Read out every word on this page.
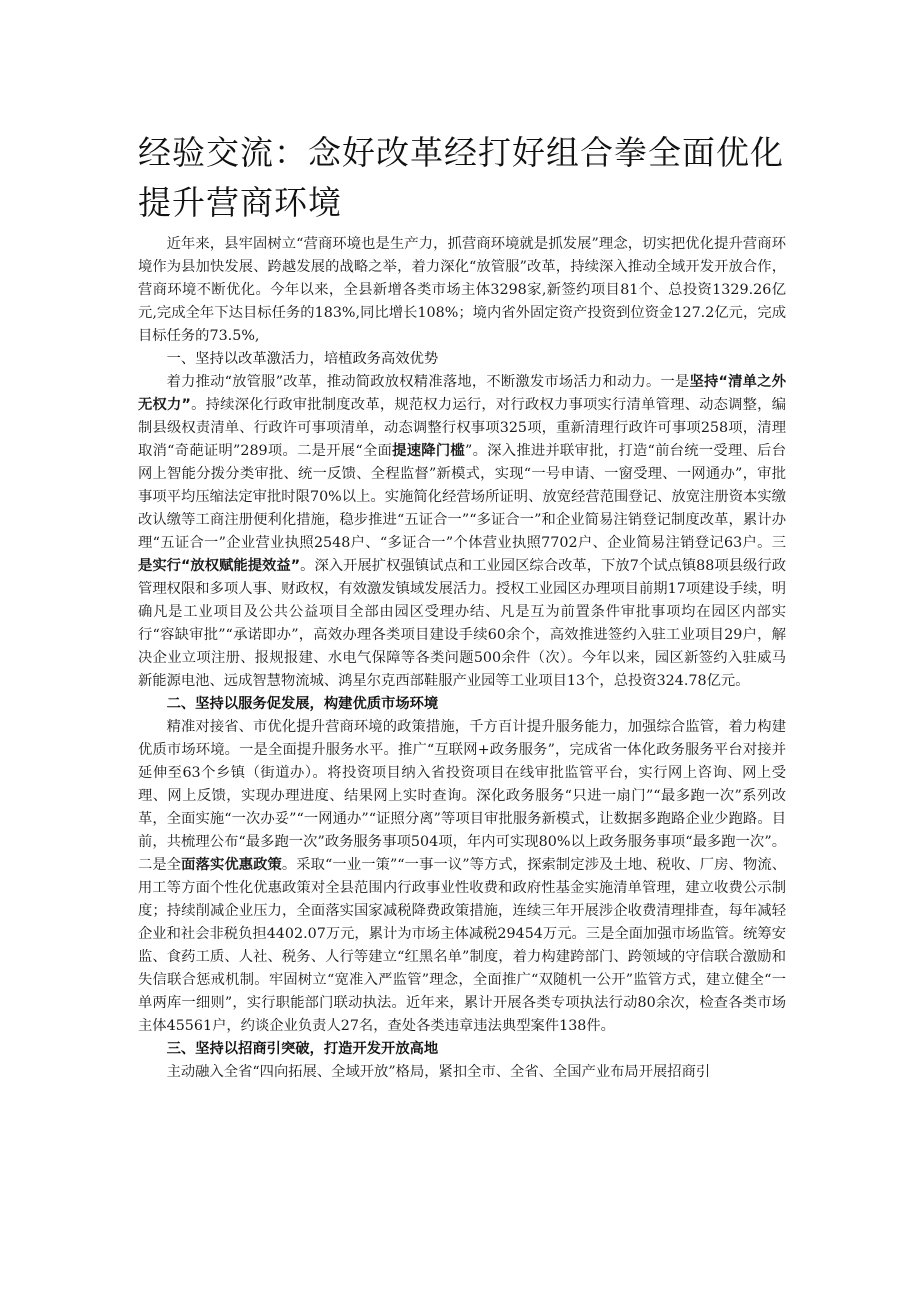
经验交流：念好改革经打好组合拳全面优化提升营商环境

近年来，县牢固树立“营商环境也是生产力，抓营商环境就是抓发展”理念，切实把优化提升营商环境作为县加快发展、跨越发展的战略之举，着力深化“放管服”改革，持续深入推动全域开发开放合作，营商环境不断优化。今年以来，全县新增各类市场主体3298家,新签约项目81个、总投资1329.26亿元,完成全年下达目标任务的183%,同比增长108%；境内省外固定资产投资到位资金127.2亿元，完成目标任务的73.5%,

一、坚持以改革激活力，培植政务高效优势

着力推动“放管服”改革，推动简政放权精准落地，不断激发市场活力和动力。一是坚持“清单之外无权力”。持续深化行政审批制度改革，规范权力运行，对行政权力事项实行清单管理、动态调整，编制县级权责清单、行政许可事项清单，动态调整行权事项325项，重新清理行政许可事项258项，清理取消“奇葩证明”289项。二是开展“全面提速降门槛”。深入推进并联审批，打造“前台统一受理、后台网上智能分拨分类审批、统一反馈、全程监督”新模式，实现“一号申请、一窗受理、一网通办”，审批事项平均压缩法定审批时限70%以上。实施简化经营场所证明、放宽经营范围登记、放宽注册资本实缴改认缴等工商注册便利化措施，稳步推进“五证合一”“多证合一”和企业简易注销登记制度改革，累计办理“五证合一”企业营业执照2548户、“多证合一”个体营业执照7702户、企业简易注销登记63户。三是实行“放权赋能提效益”。深入开展扩权强镇试点和工业园区综合改革，下放7个试点镇88项县级行政管理权限和多项人事、财政权，有效激发镇域发展活力。授权工业园区办理项目前期17项建设手续，明确凡是工业项目及公共公益项目全部由园区受理办结、凡是互为前置条件审批事项均在园区内部实行“容缺审批”“承诺即办”，高效办理各类项目建设手续60余个，高效推进签约入驻工业项目29户，解决企业立项注册、报规报建、水电气保障等各类问题500余件（次）。今年以来，园区新签约入驻威马新能源电池、远成智慧物流城、鸿星尔克西部鞋服产业园等工业项目13个，总投资324.78亿元。

二、坚持以服务促发展，构建优质市场环境

精准对接省、市优化提升营商环境的政策措施，千方百计提升服务能力，加强综合监管，着力构建优质市场环境。一是全面提升服务水平。推广“互联网+政务服务”，完成省一体化政务服务平台对接并延伸至63个乡镇（街道办）。将投资项目纳入省投资项目在线审批监管平台，实行网上咨询、网上受理、网上反馈，实现办理进度、结果网上实时查询。深化政务服务“只进一扇门”“最多跑一次”系列改革，全面实施“一次办妥”“一网通办”“证照分离”等项目审批服务新模式，让数据多跑路企业少跑路。目前，共梳理公布“最多跑一次”政务服务事项504项，年内可实现80%以上政务服务事项“最多跑一次”。二是全面落实优惠政策。采取“一业一策”“一事一议”等方式，探索制定涉及土地、税收、厂房、物流、用工等方面个性化优惠政策对全县范围内行政事业性收费和政府性基金实施清单管理，建立收费公示制度；持续削减企业压力，全面落实国家减税降费政策措施，连续三年开展涉企收费清理排查，每年减轻企业和社会非税负担4402.07万元，累计为市场主体减税29454万元。三是全面加强市场监管。统筹安监、食药工质、人社、税务、人行等建立“红黑名单”制度，着力构建跨部门、跨领域的守信联合激励和失信联合惩戒机制。牢固树立“宽准入严监管”理念，全面推广“双随机一公开”监管方式，建立健全“一单两库一细则”，实行职能部门联动执法。近年来，累计开展各类专项执法行动80余次，检查各类市场主体45561户，约谈企业负责人27名，查处各类违章违法典型案件138件。

三、坚持以招商引突破，打造开发开放高地

主动融入全省“四向拓展、全域开放”格局，紧扣全市、全省、全国产业布局开展招商引
